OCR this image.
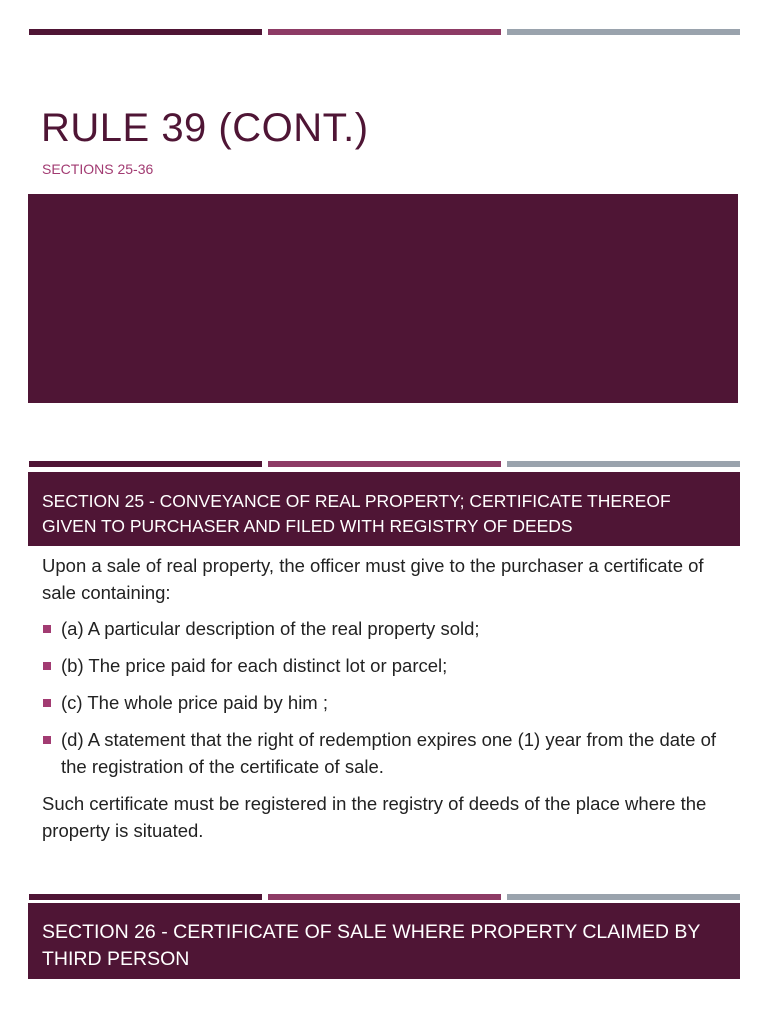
RULE 39 (CONT.)
SECTIONS 25-36
SECTION 25 - CONVEYANCE OF REAL PROPERTY; CERTIFICATE THEREOF GIVEN TO PURCHASER AND FILED WITH REGISTRY OF DEEDS

Upon a sale of real property, the officer must give to the purchaser a certificate of sale containing:

(a) A particular description of the real property sold;
(b) The price paid for each distinct lot or parcel;
(c) The whole price paid by him ;
(d) A statement that the right of redemption expires one (1) year from the date of the registration of the certificate of sale.

Such certificate must be registered in the registry of deeds of the place where the property is situated.

SECTION 26 - CERTIFICATE OF SALE WHERE PROPERTY CLAIMED BY THIRD PERSON
